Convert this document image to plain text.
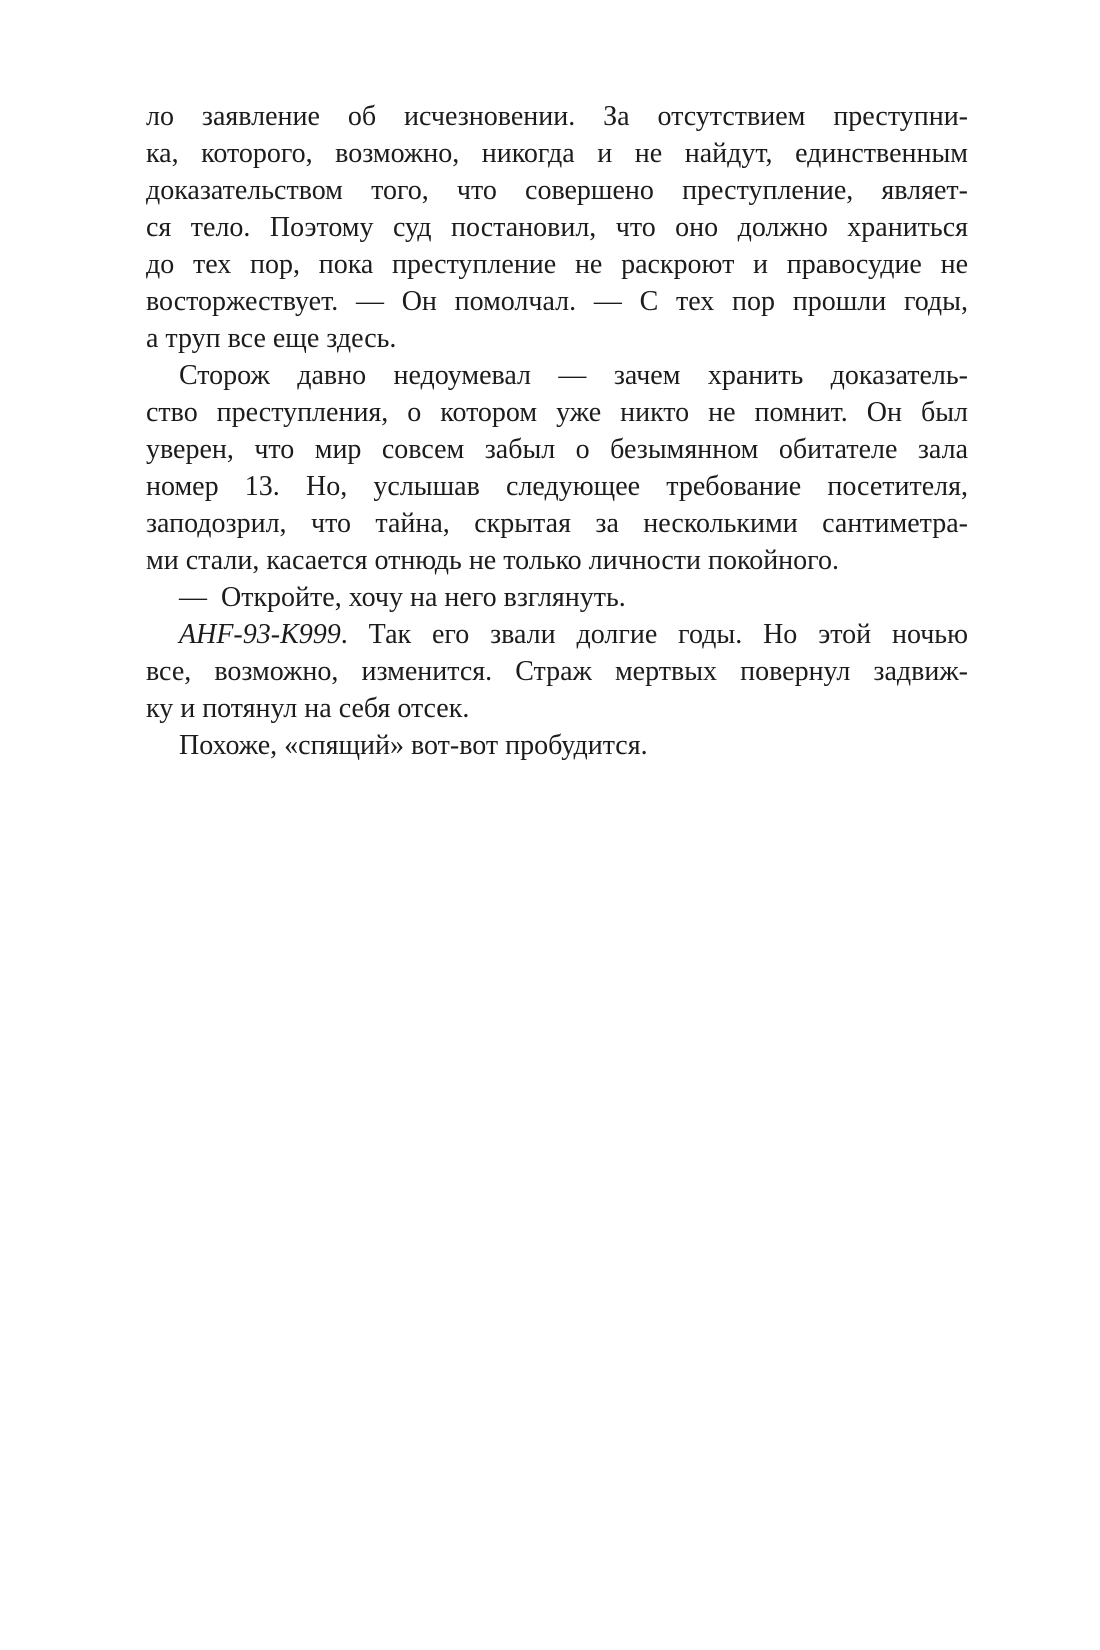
ло заявление об исчезновении. За отсутствием преступни-
ка, которого, возможно, никогда и не найдут, единственным
доказательством того, что совершено преступление, являет-
ся тело. Поэтому суд постановил, что оно должно храниться
до тех пор, пока преступление не раскроют и правосудие не
восторжествует. — Он помолчал. — С тех пор прошли годы,
а труп все еще здесь.
Сторож давно недоумевал — зачем хранить доказатель-
ство преступления, о котором уже никто не помнит. Он был
уверен, что мир совсем забыл о безымянном обитателе зала
номер 13. Но, услышав следующее требование посетителя,
заподозрил, что тайна, скрытая за несколькими сантиметра-
ми стали, касается отнюдь не только личности покойного.
— Откройте, хочу на него взглянуть.
AHF-93-K999. Так его звали долгие годы. Но этой ночью
все, возможно, изменится. Страж мертвых повернул задвиж-
ку и потянул на себя отсек.
Похоже, «спящий» вот-вот пробудится.
